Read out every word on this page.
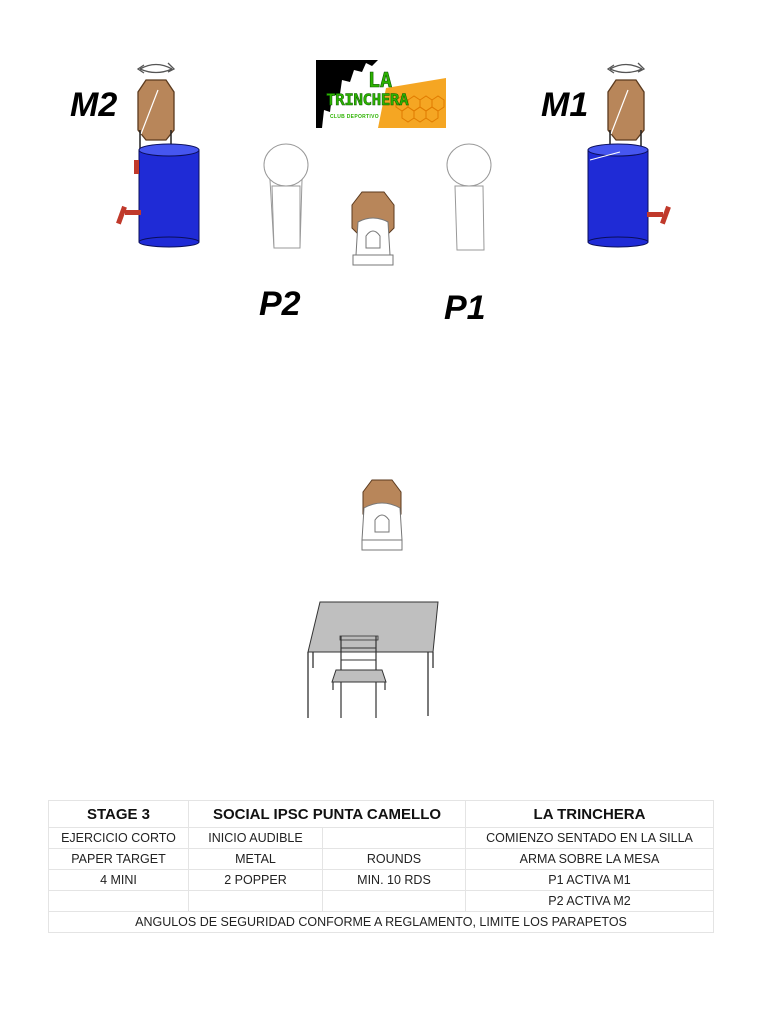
LA
TRINCHERA
CLUB DEPORTIVO
M2	M1
P2	P1
STAGE 3	SOCIAL IPSC PUNTA CAMELLO		LA TRINCHERA
EJERCICIO CORTO	INICIO AUDIBLE		COMIENZO SENTADO EN LA SILLA
PAPER TARGET	METAL	ROUNDS	ARMA SOBRE LA MESA
4 MINI	2 POPPER	MIN. 10 RDS	P1 ACTIVA M1
			P2 ACTIVA M2
ANGULOS DE SEGURIDAD CONFORME A REGLAMENTO, LIMITE LOS PARAPETOS			
